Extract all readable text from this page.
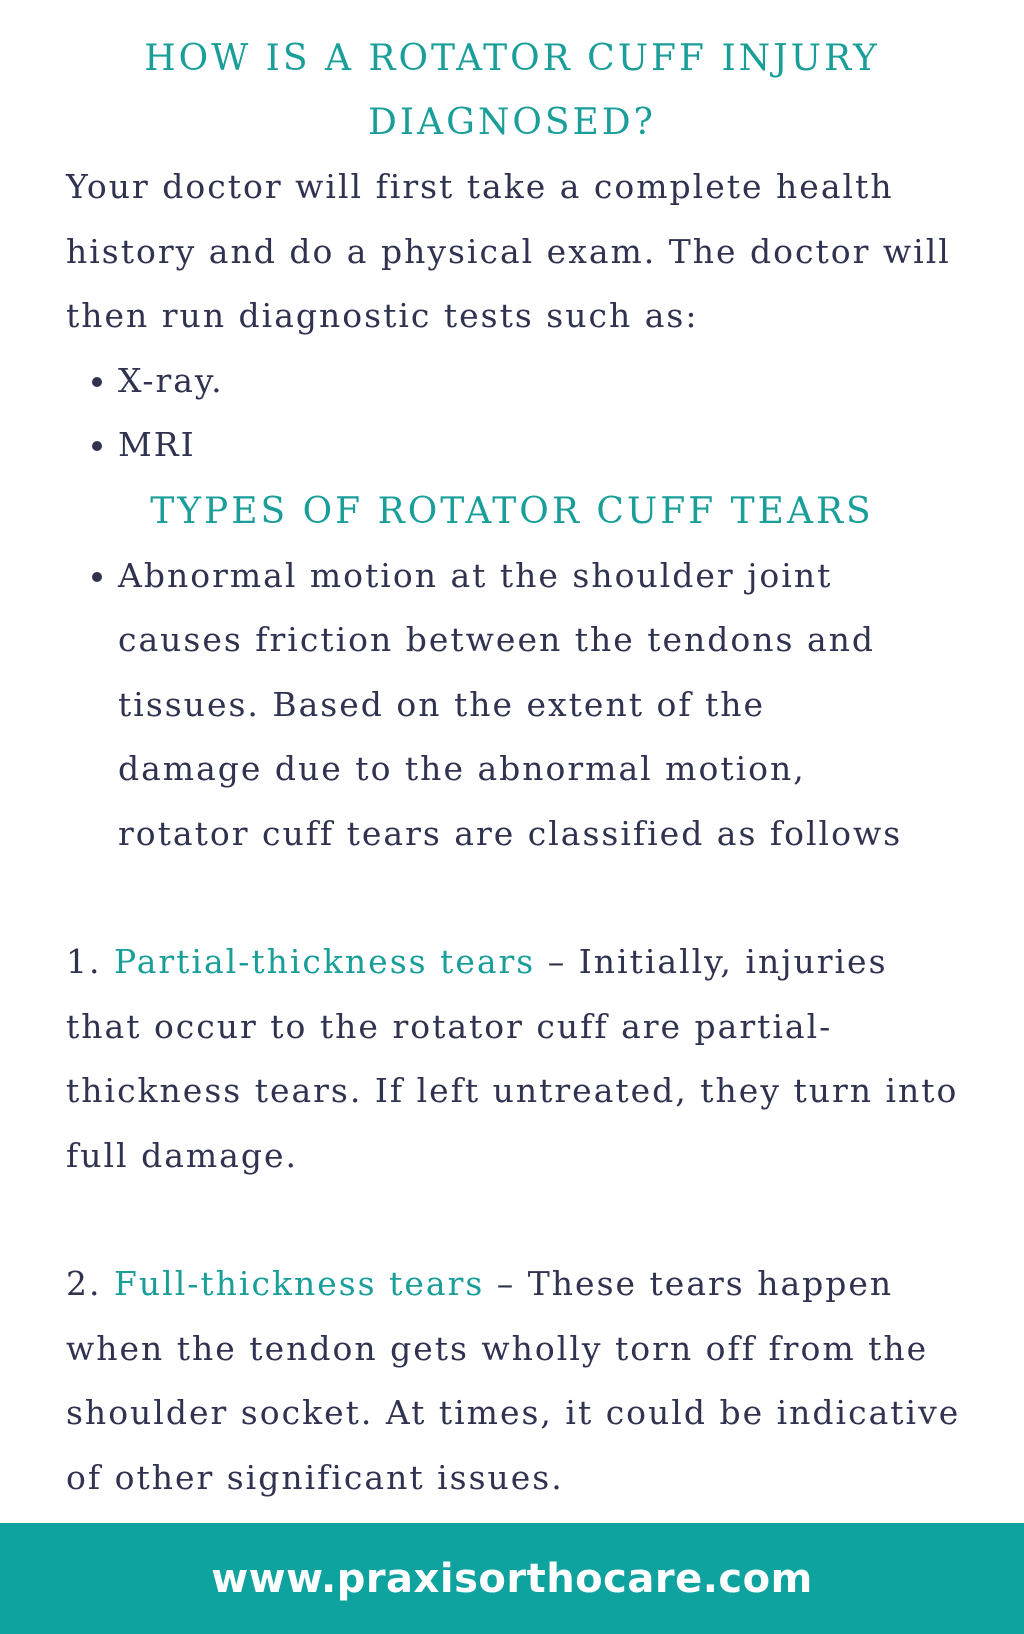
HOW IS A ROTATOR CUFF INJURY
DIAGNOSED?

Your doctor will first take a complete health history and do a physical exam. The doctor will then run diagnostic tests such as:

X-ray.
MRI
TYPES OF ROTATOR CUFF TEARS
Abnormal motion at the shoulder joint causes friction between the tendons and tissues. Based on the extent of the damage due to the abnormal motion, rotator cuff tears are classified as follows

1. Partial-thickness tears – Initially, injuries that occur to the rotator cuff are partial-thickness tears. If left untreated, they turn into full damage.

2. Full-thickness tears – These tears happen when the tendon gets wholly torn off from the shoulder socket. At times, it could be indicative of other significant issues.

www.praxisorthocare.com
